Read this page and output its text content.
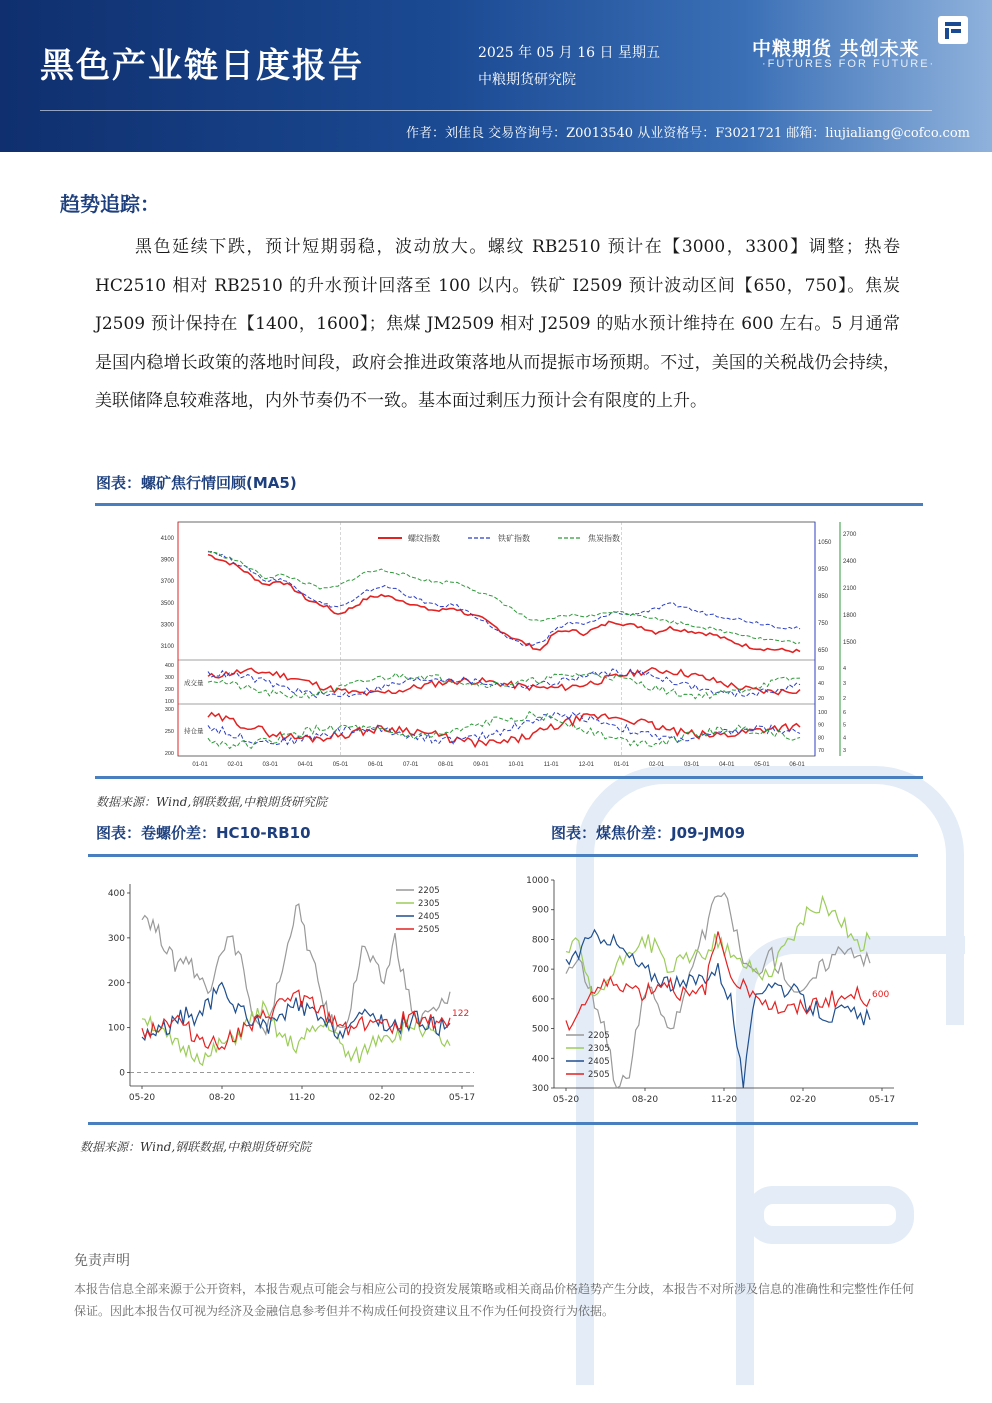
黑色产业链日度报告	2025 年 05 月 16 日 星期五
中粮期货研究院
中粮期货 共创未来
·FUTURES FOR FUTURE·
作者：刘佳良 交易咨询号：Z0013540 从业资格号：F3021721 邮箱：liujialiang@cofco.com
趋势追踪：

黑色延续下跌，预计短期弱稳，波动放大。螺纹 RB2510 预计在【3000，3300】调整；热卷 HC2510 相对 RB2510 的升水预计回落至 100 以内。铁矿 I2509 预计波动区间【650，750】。焦炭 J2509 预计保持在【1400，1600】；焦煤 JM2509 相对 J2509 的贴水预计维持在 600 左右。5 月通常是国内稳增长政策的落地时间段，政府会推进政策落地从而提振市场预期。不过，美国的关税战仍会持续，美联储降息较难落地，内外节奏仍不一致。基本面过剩压力预计会有限度的上升。

图表：螺矿焦行情回顾(MA5)
01-01	02-01	03-01	04-01	05-01	06-01	07-01	08-01	09-01	10-01	11-01	12-01	01-01	02-01	03-01	04-01	05-01	06-01
4100
3900
3700
3500
3300
3100
1050
950
850
750
650
2700
2400
2100
1800
1500
400
300
200
100
60
40
20
4
3
2
成交量
300
250
200
100
90
80
70
6
5
4
3
持仓量
螺纹指数	铁矿指数	焦炭指数
数据来源：Wind,钢联数据,中粮期货研究院
图表：卷螺价差：HC10-RB10	图表：煤焦价差：J09-JM09
0
100
200
300
400
05-20	08-20	11-20	02-20	05-17
122
2205
2305
2405
2505
300
400
500
600
700
800
900
1000
05-20	08-20	11-20	02-20	05-17
600
2205
2305
2405
2505
数据来源：Wind,钢联数据,中粮期货研究院
免责声明

本报告信息全部来源于公开资料，本报告观点可能会与相应公司的投资发展策略或相关商品价格趋势产生分歧，本报告不对所涉及信息的准确性和完整性作任何保证。因此本报告仅可视为经济及金融信息参考但并不构成任何投资建议且不作为任何投资行为依据。
